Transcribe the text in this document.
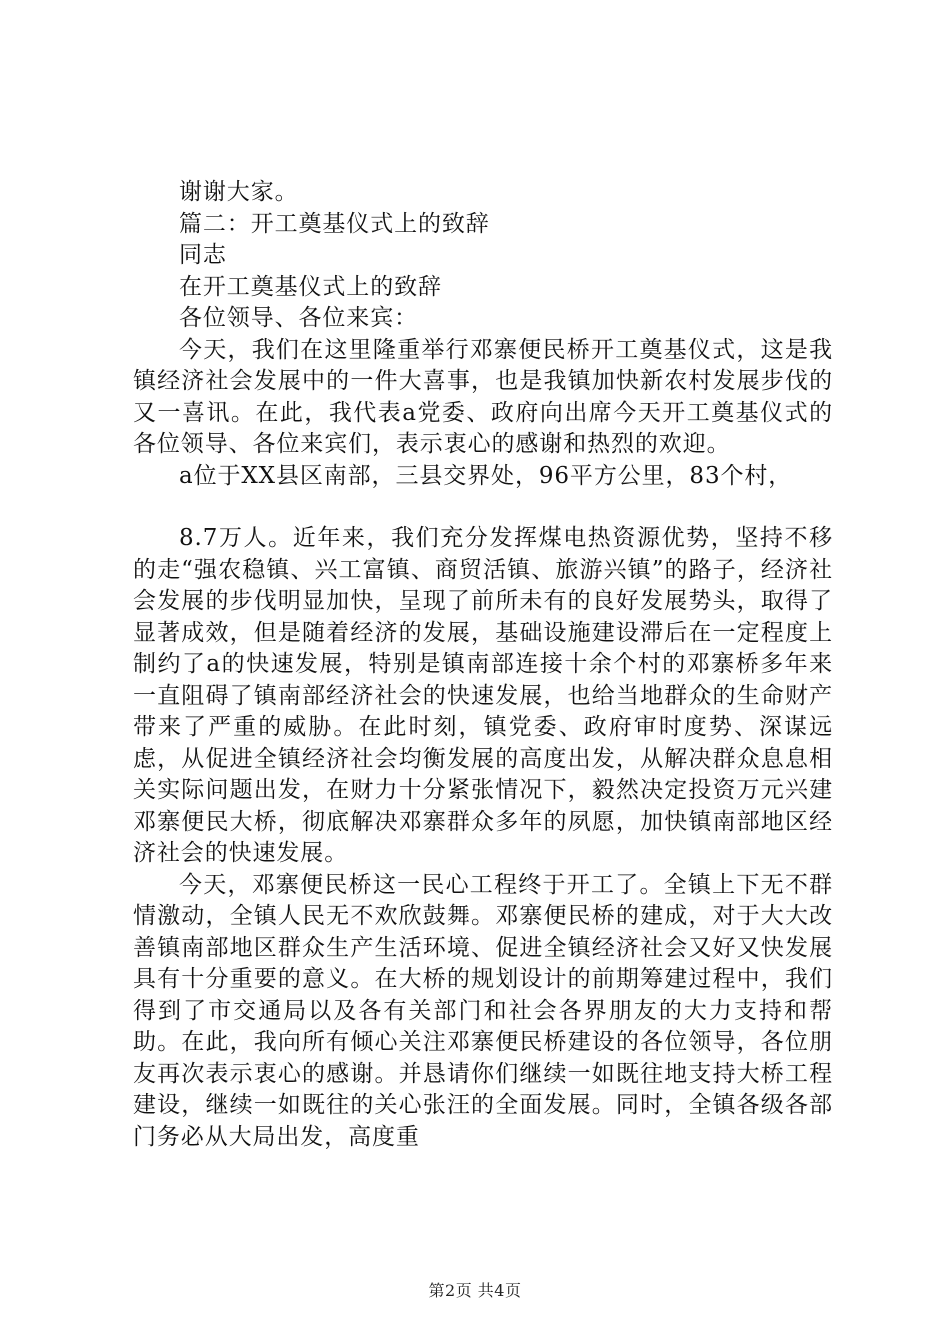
谢谢大家。
篇二：开工奠基仪式上的致辞
同志
在开工奠基仪式上的致辞
各位领导、各位来宾：
今天，我们在这里隆重举行邓寨便民桥开工奠基仪式，这是我镇经济社会发展中的一件大喜事，也是我镇加快新农村发展步伐的又一喜讯。在此，我代表a党委、政府向出席今天开工奠基仪式的各位领导、各位来宾们，表示衷心的感谢和热烈的欢迎。
a位于XX县区南部，三县交界处，96平方公里，83个村，
8.7万人。近年来，我们充分发挥煤电热资源优势，坚持不移的走“强农稳镇、兴工富镇、商贸活镇、旅游兴镇”的路子，经济社会发展的步伐明显加快，呈现了前所未有的良好发展势头，取得了显著成效，但是随着经济的发展，基础设施建设滞后在一定程度上制约了a的快速发展，特别是镇南部连接十余个村的邓寨桥多年来一直阻碍了镇南部经济社会的快速发展，也给当地群众的生命财产带来了严重的威胁。在此时刻，镇党委、政府审时度势、深谋远虑，从促进全镇经济社会均衡发展的高度出发，从解决群众息息相关实际问题出发，在财力十分紧张情况下，毅然决定投资万元兴建邓寨便民大桥，彻底解决邓寨群众多年的夙愿，加快镇南部地区经济社会的快速发展。
今天，邓寨便民桥这一民心工程终于开工了。全镇上下无不群情激动，全镇人民无不欢欣鼓舞。邓寨便民桥的建成，对于大大改善镇南部地区群众生产生活环境、促进全镇经济社会又好又快发展具有十分重要的意义。在大桥的规划设计的前期筹建过程中，我们得到了市交通局以及各有关部门和社会各界朋友的大力支持和帮助。在此，我向所有倾心关注邓寨便民桥建设的各位领导，各位朋友再次表示衷心的感谢。并恳请你们继续一如既往地支持大桥工程建设，继续一如既往的关心张汪的全面发展。同时，全镇各级各部门务必从大局出发，高度重
第2页 共4页
